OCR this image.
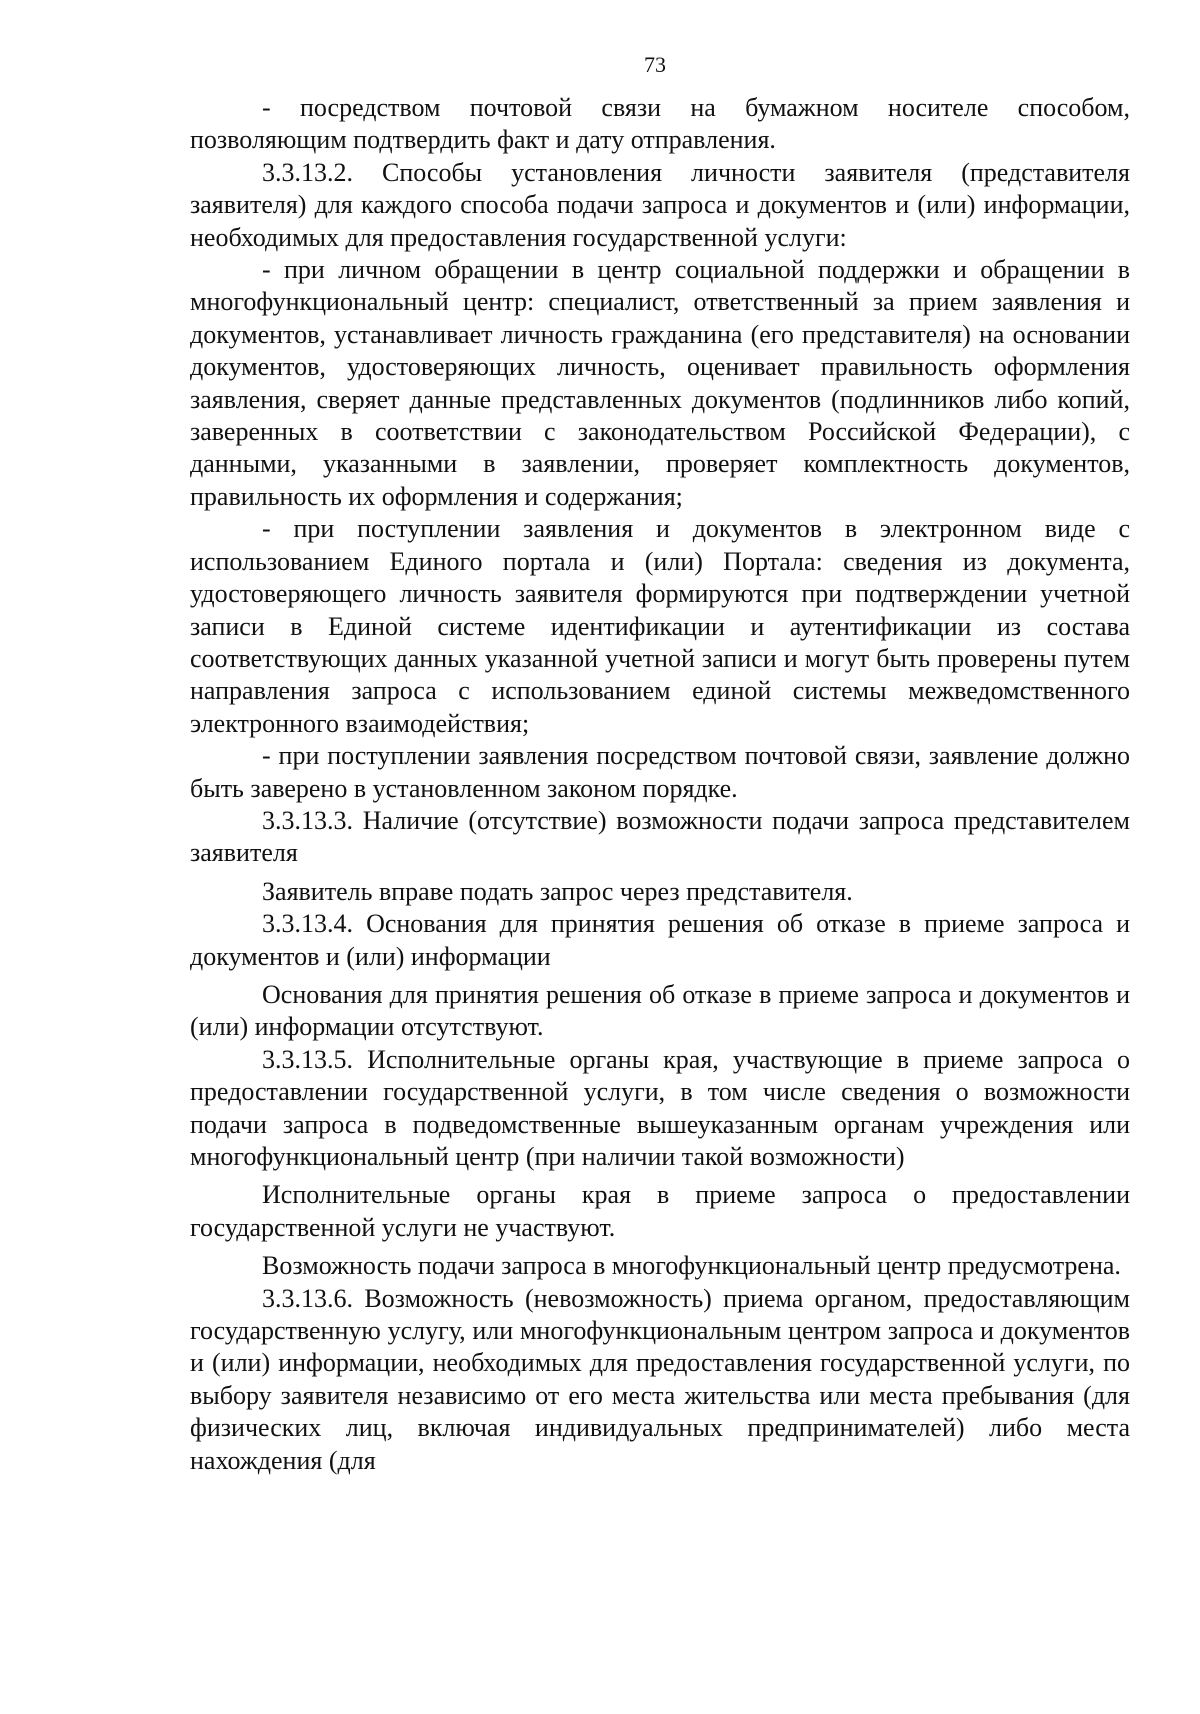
73

- посредством почтовой связи на бумажном носителе способом, позволяющим подтвердить факт и дату отправления.

3.3.13.2. Способы установления личности заявителя (представителя заявителя) для каждого способа подачи запроса и документов и (или) информации, необходимых для предоставления государственной услуги:

- при личном обращении в центр социальной поддержки и обращении в многофункциональный центр: специалист, ответственный за прием заявления и документов, устанавливает личность гражданина (его представителя) на основании документов, удостоверяющих личность, оценивает правильность оформления заявления, сверяет данные представленных документов (подлинников либо копий, заверенных в соответствии с законодательством Российской Федерации), с данными, указанными в заявлении, проверяет комплектность документов, правильность их оформления и содержания;

- при поступлении заявления и документов в электронном виде с использованием Единого портала и (или) Портала: сведения из документа, удостоверяющего личность заявителя формируются при подтверждении учетной записи в Единой системе идентификации и аутентификации из состава соответствующих данных указанной учетной записи и могут быть проверены путем направления запроса с использованием единой системы межведомственного электронного взаимодействия;

- при поступлении заявления посредством почтовой связи, заявление должно быть заверено в установленном законом порядке.

3.3.13.3. Наличие (отсутствие) возможности подачи запроса представителем заявителя

Заявитель вправе подать запрос через представителя.

3.3.13.4. Основания для принятия решения об отказе в приеме запроса и документов и (или) информации

Основания для принятия решения об отказе в приеме запроса и документов и (или) информации отсутствуют.

3.3.13.5. Исполнительные органы края, участвующие в приеме запроса о предоставлении государственной услуги, в том числе сведения о возможности подачи запроса в подведомственные вышеуказанным органам учреждения или многофункциональный центр (при наличии такой возможности)

Исполнительные органы края в приеме запроса о предоставлении государственной услуги не участвуют.

Возможность подачи запроса в многофункциональный центр предусмотрена.

3.3.13.6. Возможность (невозможность) приема органом, предоставляющим государственную услугу, или многофункциональным центром запроса и документов и (или) информации, необходимых для предоставления государственной услуги, по выбору заявителя независимо от его места жительства или места пребывания (для физических лиц, включая индивидуальных предпринимателей) либо места нахождения (для
